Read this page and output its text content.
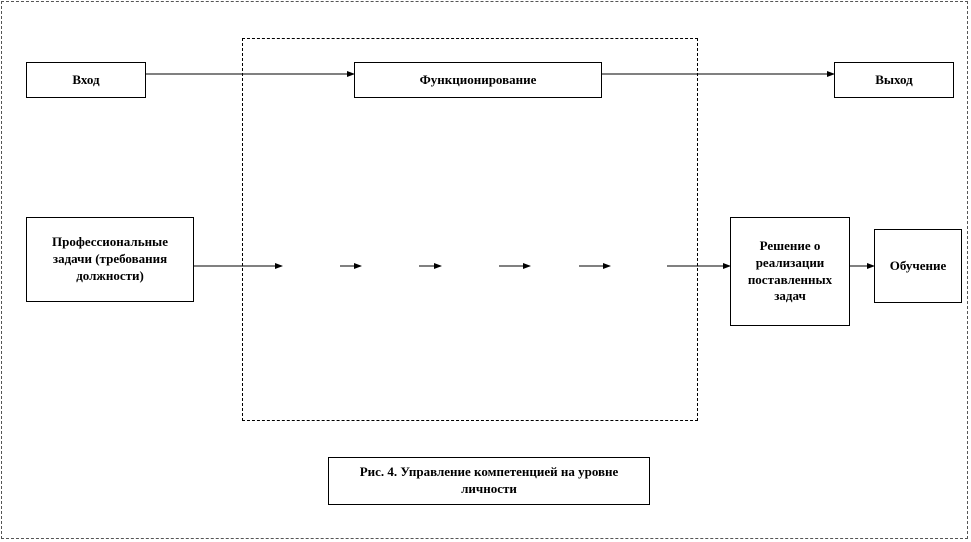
Вход	Функционирование	Выход
Профессиональные задачи (требования должности)
Решение о реализации поставленных задач
Обучение
Рис. 4. Управление компетенцией на уровне личности
